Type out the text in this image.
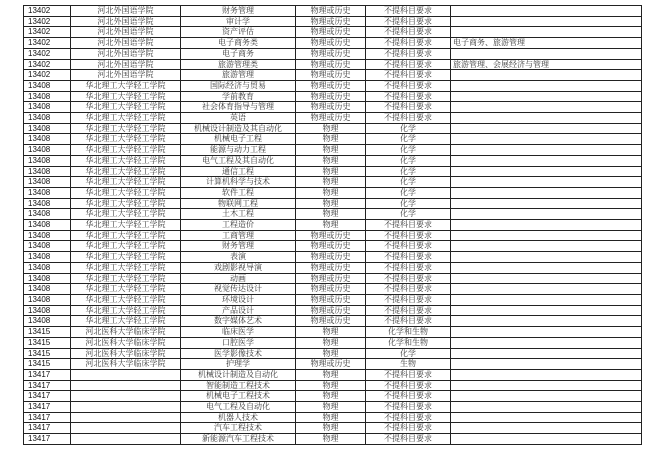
13402	河北外国语学院	财务管理	物理或历史	不提科目要求	
13402	河北外国语学院	审计学	物理或历史	不提科目要求	
13402	河北外国语学院	资产评估	物理或历史	不提科目要求	
13402	河北外国语学院	电子商务类	物理或历史	不提科目要求	电子商务、旅游管理
13402	河北外国语学院	电子商务	物理或历史	不提科目要求	
13402	河北外国语学院	旅游管理类	物理或历史	不提科目要求	旅游管理、会展经济与管理
13402	河北外国语学院	旅游管理	物理或历史	不提科目要求	
13408	华北理工大学轻工学院	国际经济与贸易	物理或历史	不提科目要求	
13408	华北理工大学轻工学院	学前教育	物理或历史	不提科目要求	
13408	华北理工大学轻工学院	社会体育指导与管理	物理或历史	不提科目要求	
13408	华北理工大学轻工学院	英语	物理或历史	不提科目要求	
13408	华北理工大学轻工学院	机械设计制造及其自动化	物理	化学	
13408	华北理工大学轻工学院	机械电子工程	物理	化学	
13408	华北理工大学轻工学院	能源与动力工程	物理	化学	
13408	华北理工大学轻工学院	电气工程及其自动化	物理	化学	
13408	华北理工大学轻工学院	通信工程	物理	化学	
13408	华北理工大学轻工学院	计算机科学与技术	物理	化学	
13408	华北理工大学轻工学院	软件工程	物理	化学	
13408	华北理工大学轻工学院	物联网工程	物理	化学	
13408	华北理工大学轻工学院	土木工程	物理	化学	
13408	华北理工大学轻工学院	工程造价	物理	不提科目要求	
13408	华北理工大学轻工学院	工商管理	物理或历史	不提科目要求	
13408	华北理工大学轻工学院	财务管理	物理或历史	不提科目要求	
13408	华北理工大学轻工学院	表演	物理或历史	不提科目要求	
13408	华北理工大学轻工学院	戏剧影视导演	物理或历史	不提科目要求	
13408	华北理工大学轻工学院	动画	物理或历史	不提科目要求	
13408	华北理工大学轻工学院	视觉传达设计	物理或历史	不提科目要求	
13408	华北理工大学轻工学院	环境设计	物理或历史	不提科目要求	
13408	华北理工大学轻工学院	产品设计	物理或历史	不提科目要求	
13408	华北理工大学轻工学院	数字媒体艺术	物理或历史	不提科目要求	
13415	河北医科大学临床学院	临床医学	物理	化学和生物	
13415	河北医科大学临床学院	口腔医学	物理	化学和生物	
13415	河北医科大学临床学院	医学影像技术	物理	化学	
13415	河北医科大学临床学院	护理学	物理或历史	生物	
13417		机械设计制造及自动化	物理	不提科目要求	
13417		智能制造工程技术	物理	不提科目要求	
13417		机械电子工程技术	物理	不提科目要求	
13417		电气工程及自动化	物理	不提科目要求	
13417		机器人技术	物理	不提科目要求	
13417		汽车工程技术	物理	不提科目要求	
13417		新能源汽车工程技术	物理	不提科目要求	
